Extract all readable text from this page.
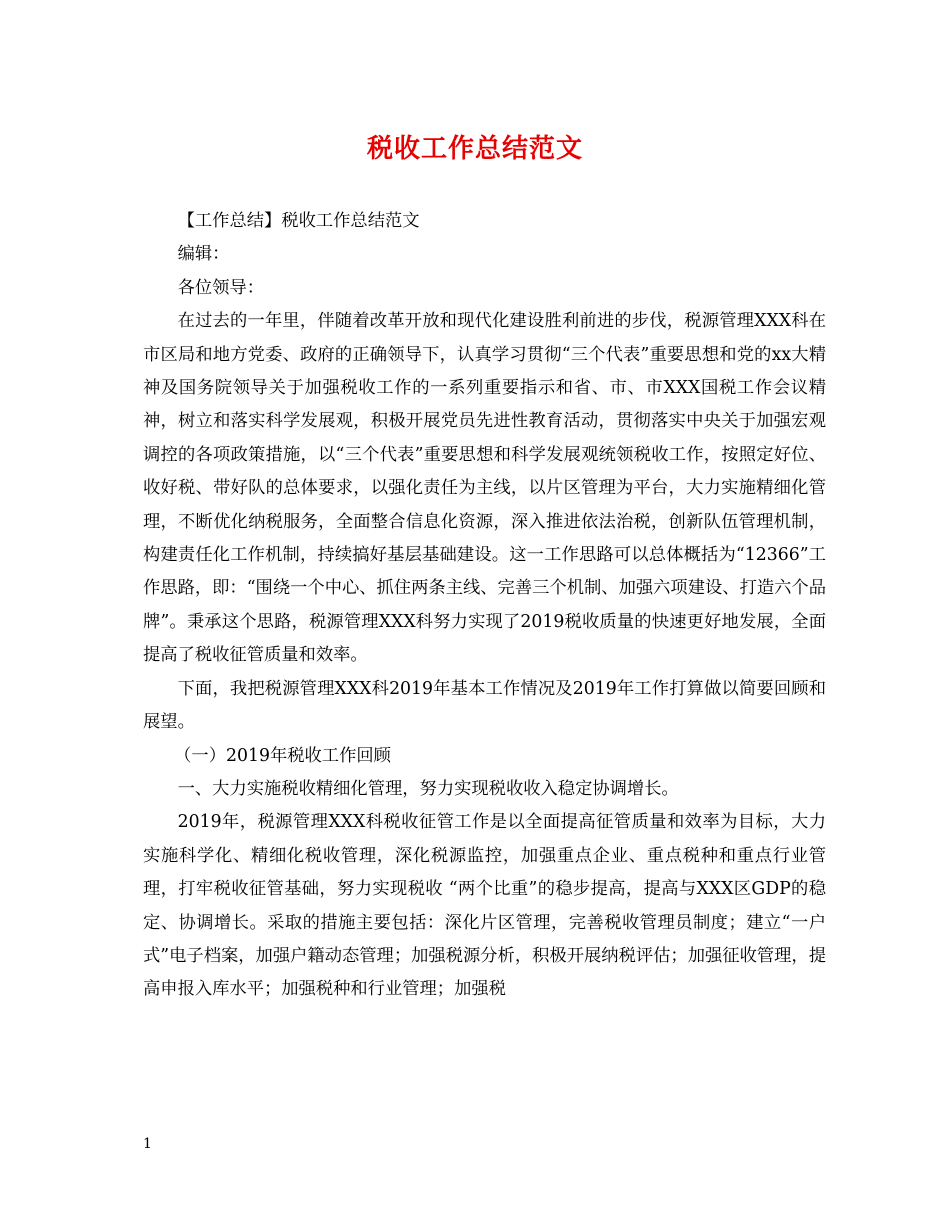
税收工作总结范文

【工作总结】税收工作总结范文

编辑：

各位领导：

在过去的一年里，伴随着改革开放和现代化建设胜利前进的步伐，税源管理XXX科在市区局和地方党委、政府的正确领导下，认真学习贯彻“三个代表”重要思想和党的xx大精神及国务院领导关于加强税收工作的一系列重要指示和省、市、市XXX国税工作会议精神，树立和落实科学发展观，积极开展党员先进性教育活动，贯彻落实中央关于加强宏观调控的各项政策措施，以“三个代表”重要思想和科学发展观统领税收工作，按照定好位、收好税、带好队的总体要求，以强化责任为主线，以片区管理为平台，大力实施精细化管理，不断优化纳税服务，全面整合信息化资源，深入推进依法治税，创新队伍管理机制，构建责任化工作机制，持续搞好基层基础建设。这一工作思路可以总体概括为“12366”工作思路，即：“围绕一个中心、抓住两条主线、完善三个机制、加强六项建设、打造六个品牌”。秉承这个思路，税源管理XXX科努力实现了2019税收质量的快速更好地发展，全面提高了税收征管质量和效率。

下面，我把税源管理XXX科2019年基本工作情况及2019年工作打算做以简要回顾和展望。

（一）2019年税收工作回顾

一、大力实施税收精细化管理，努力实现税收收入稳定协调增长。

2019年，税源管理XXX科税收征管工作是以全面提高征管质量和效率为目标，大力实施科学化、精细化税收管理，深化税源监控，加强重点企业、重点税种和重点行业管理，打牢税收征管基础，努力实现税收 “两个比重”的稳步提高，提高与XXX区GDP的稳定、协调增长。采取的措施主要包括：深化片区管理，完善税收管理员制度；建立“一户式”电子档案，加强户籍动态管理；加强税源分析，积极开展纳税评估；加强征收管理，提高申报入库水平；加强税种和行业管理；加强税

1
